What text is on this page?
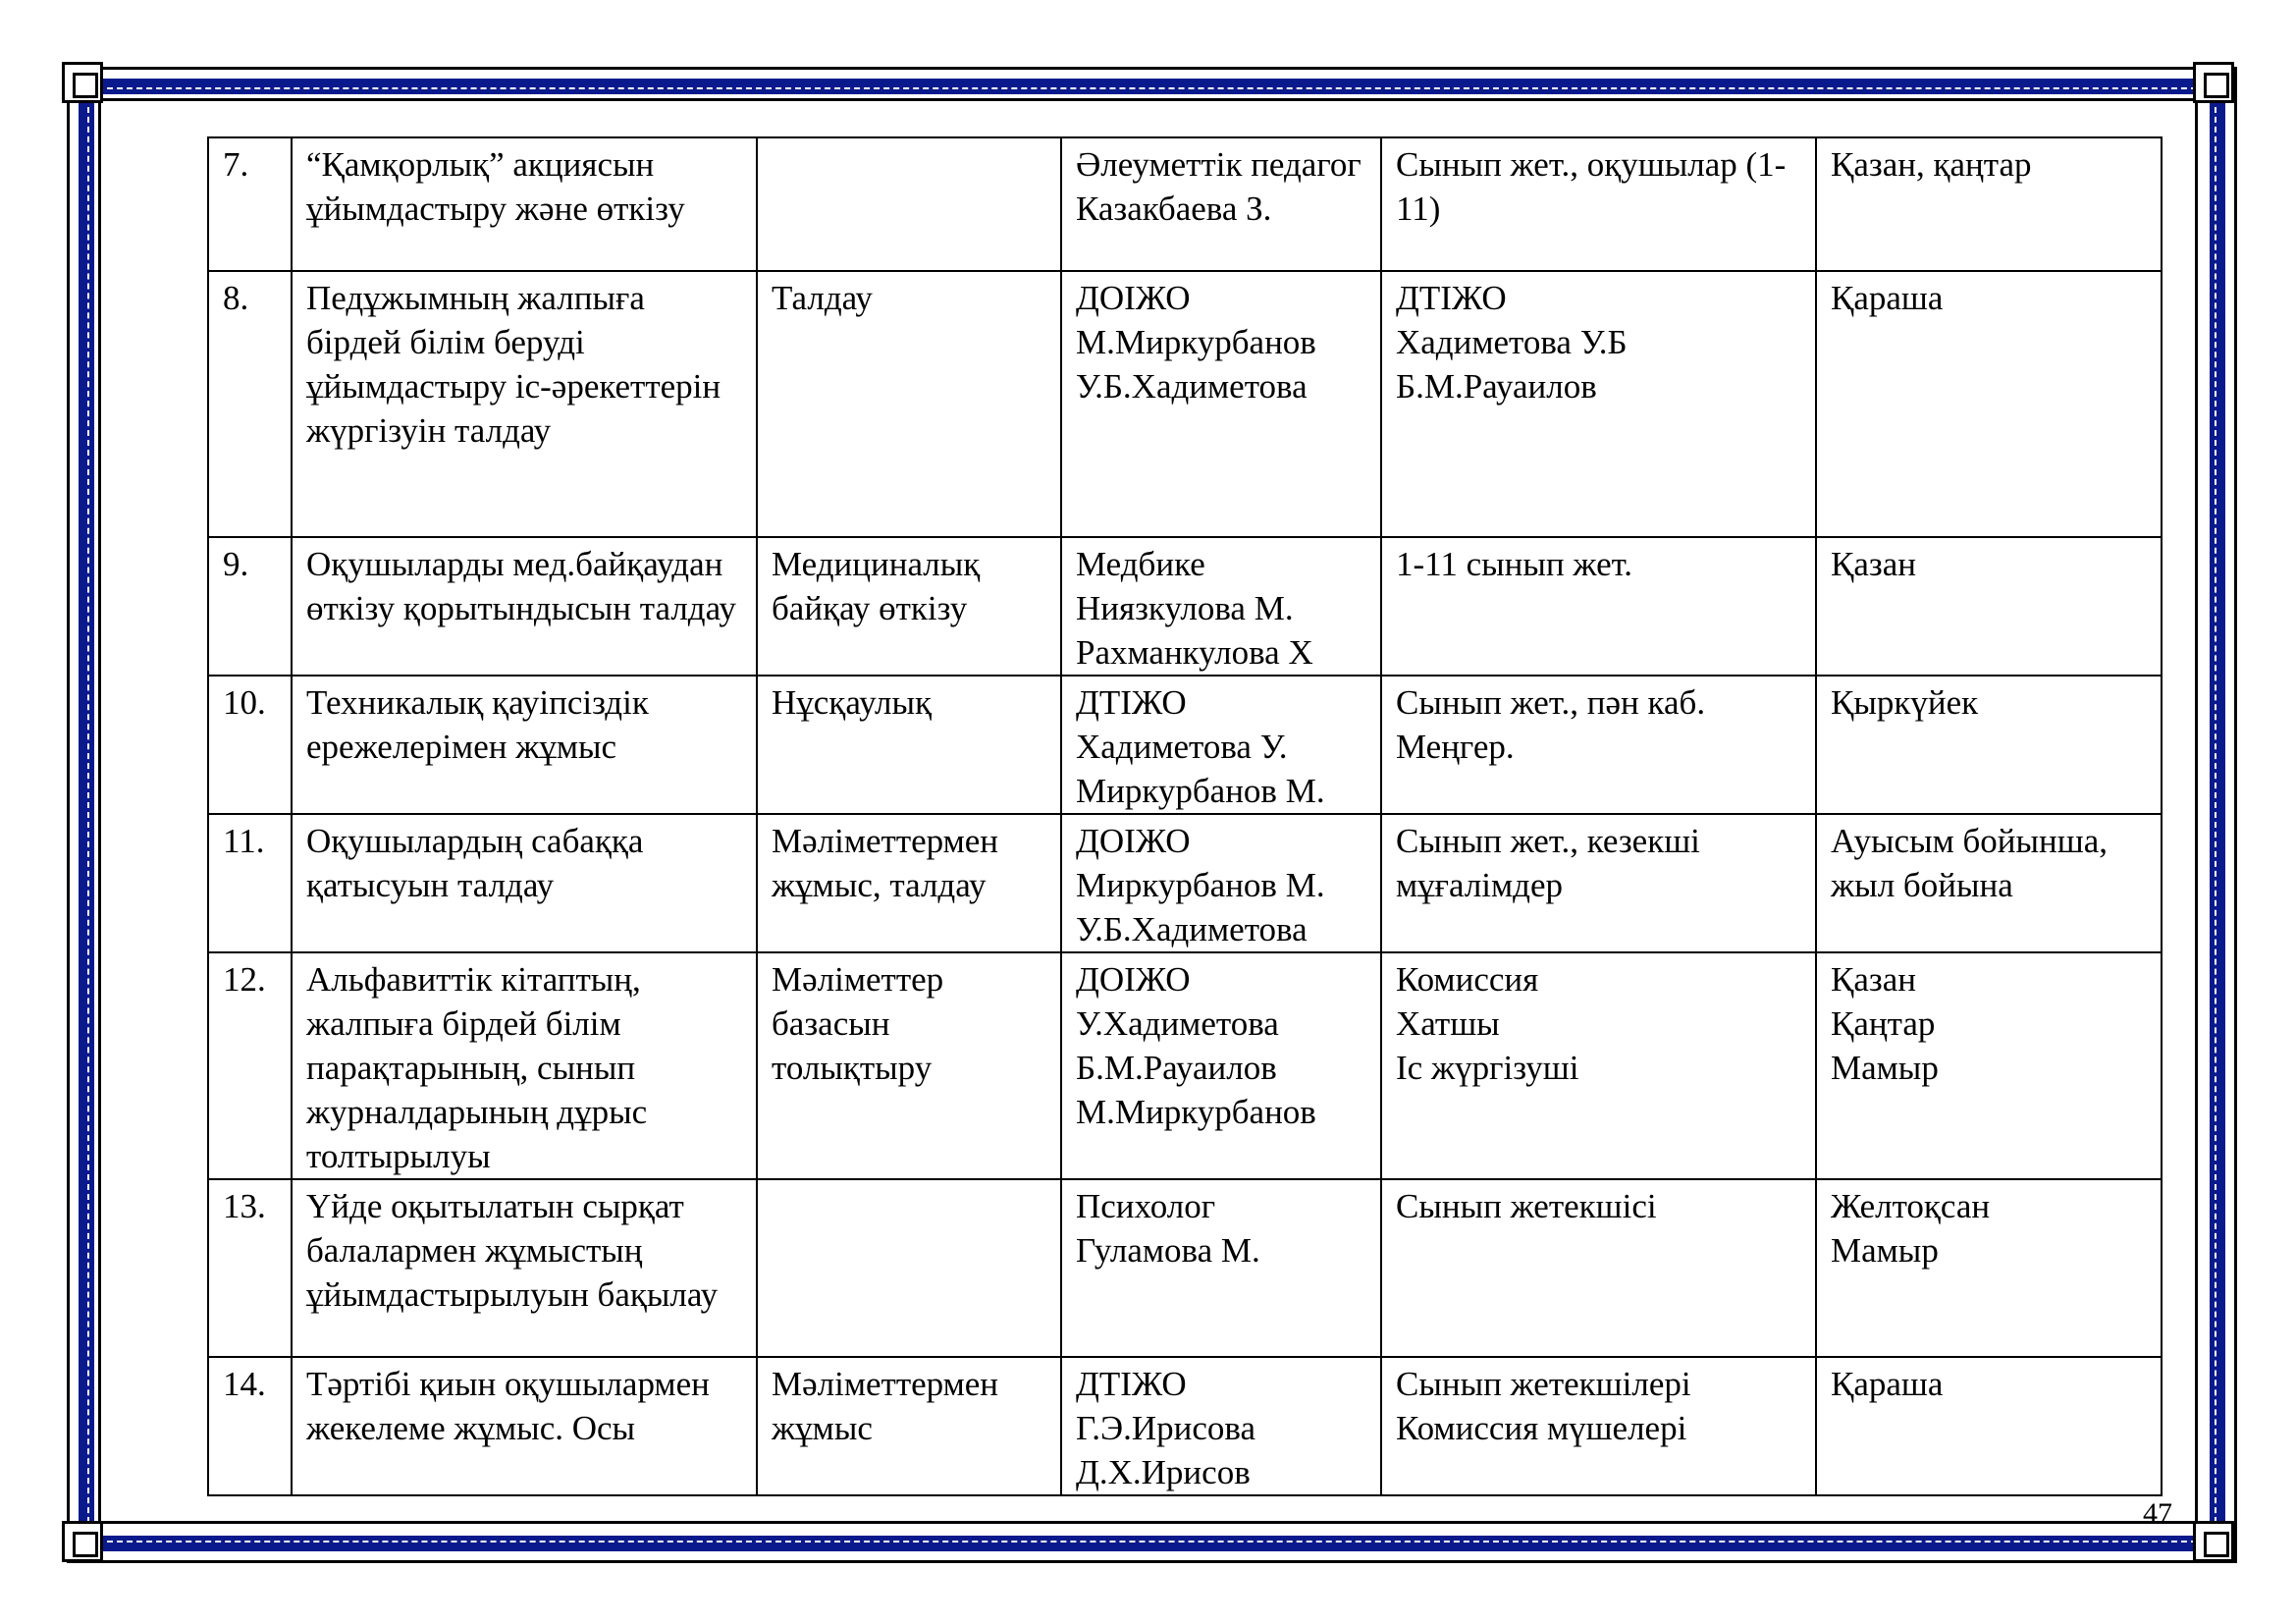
7.	“Қамқорлық” акциясын ұйымдастыру және өткізу		Әлеуметтік педагог Казакбаева З.	Сынып жет., оқушылар (1-11)	Қазан, қаңтар
8.	Педұжымның жалпыға бірдей білім беруді ұйымдастыру іс-әрекеттерін жүргізуін талдау	Талдау	ДОІЖО
М.Миркурбанов
У.Б.Хадиметова	ДТІЖО
Хадиметова У.Б
Б.М.Рауаилов	Қараша
9.	Оқушыларды мед.байқаудан өткізу қорытындысын талдау	Медициналық байқау өткізу	Медбике
Ниязкулова М.
Рахманкулова Х	1-11 сынып жет.	Қазан
10.	Техникалық қауіпсіздік ережелерімен жұмыс	Нұсқаулық	ДТІЖО
Хадиметова У.
Миркурбанов М.	Сынып жет., пән каб. Меңгер.	Қыркүйек
11.	Оқушылардың сабаққа қатысуын талдау	Мәліметтермен жұмыс, талдау	ДОІЖО
Миркурбанов М.
У.Б.Хадиметова	Сынып жет., кезекші мұғалімдер	Ауысым бойынша, жыл бойына
12.	Альфавиттік кітаптың, жалпыға бірдей білім парақтарының, сынып журналдарының дұрыс толтырылуы	Мәліметтер базасын толықтыру	ДОІЖО
У.Хадиметова
Б.М.Рауаилов
М.Миркурбанов	Комиссия
Хатшы
Іс жүргізуші	Қазан
Қаңтар
Мамыр
13.	Үйде оқытылатын сырқат балалармен жұмыстың ұйымдастырылуын бақылау		Психолог
Гуламова М.	Сынып жетекшісі	Желтоқсан
Мамыр
14.	Тәртібі қиын оқушылармен жекелеме жұмыс. Осы	Мәліметтермен жұмыс	ДТІЖО
Г.Э.Ирисова
Д.Х.Ирисов	Сынып жетекшілері
Комиссия мүшелері	Қараша
47
